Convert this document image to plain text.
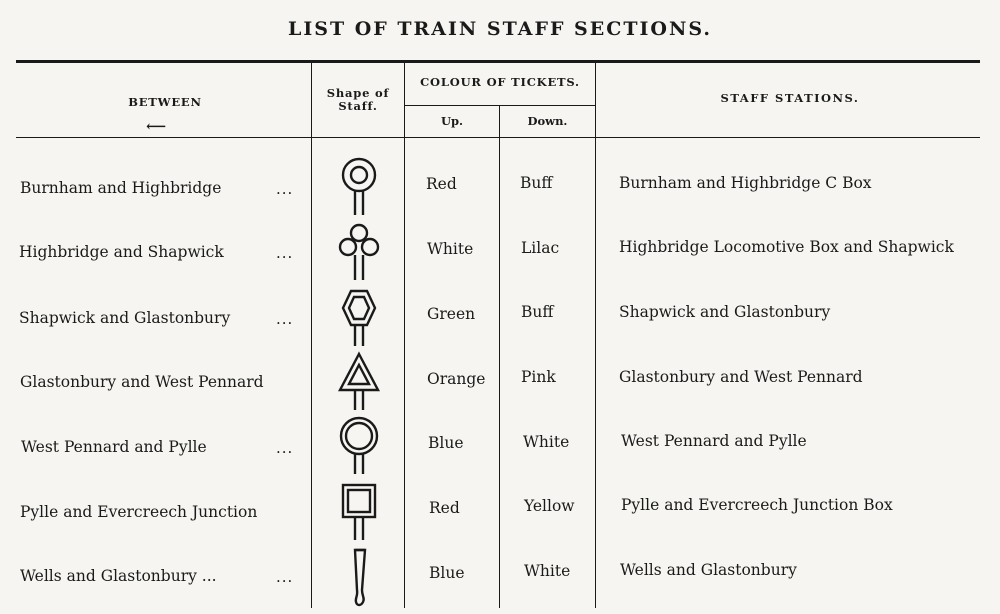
LIST OF TRAIN STAFF SECTIONS.
BETWEEN
⟵
Shape of Staff.
COLOUR OF TICKETS.
Up.	Down.
STAFF STATIONS.
Burnham and Highbridge	...	Red	Buff	Burnham and Highbridge C Box
Highbridge and Shapwick	...	White	Lilac	Highbridge Locomotive Box and Shapwick
Shapwick and Glastonbury	...	Green	Buff	Shapwick and Glastonbury
Glastonbury and West Pennard	Orange Pink	Glastonbury and West Pennard
West Pennard and Pylle	...	Blue	White	West Pennard and Pylle
Pylle and Evercreech Junction	Red	Yellow	Pylle and Evercreech Junction Box
Wells and Glastonbury ...	...	Blue	White	Wells and Glastonbury
